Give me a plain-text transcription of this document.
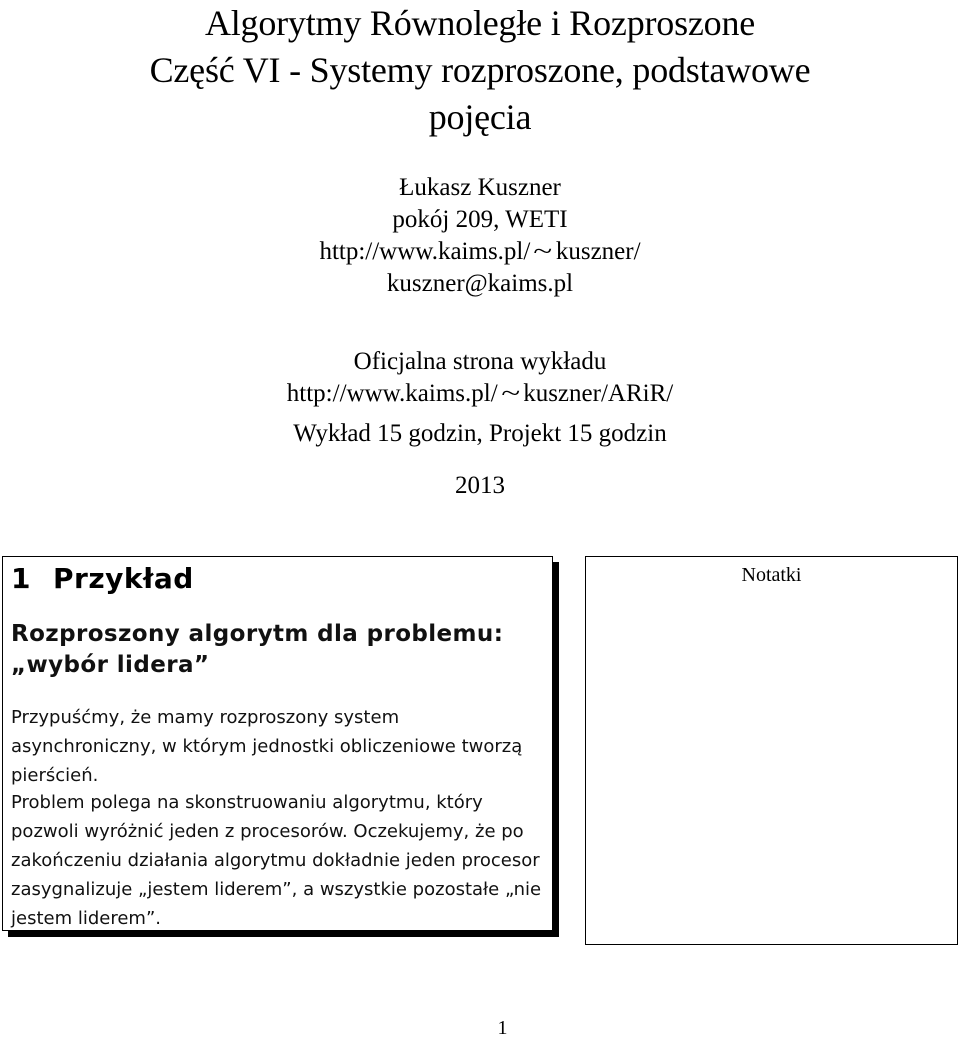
Algorytmy Równoległe i Rozproszone
Część VI - Systemy rozproszone, podstawowe
pojęcia
Łukasz Kuszner
pokój 209, WETI
http://www.kaims.pl/ ~ kuszner/
kuszner@kaims.pl
Oficjalna strona wykładu
http://www.kaims.pl/ ~ kuszner/ARiR/
Wykład 15 godzin, Projekt 15 godzin
2013
1 Przykład
Rozproszony algorytm dla problemu:
„wybór lidera”
Przypuśćmy, że mamy rozproszony system asynchroniczny, w którym jednostki obliczeniowe tworzą pierścień.
Problem polega na skonstruowaniu algorytmu, który pozwoli wyróżnić jeden z procesorów. Oczekujemy, że po zakończeniu działania algorytmu dokładnie jeden procesor zasygnalizuje „jestem liderem”, a wszystkie pozostałe „nie jestem liderem”.
Notatki
1
